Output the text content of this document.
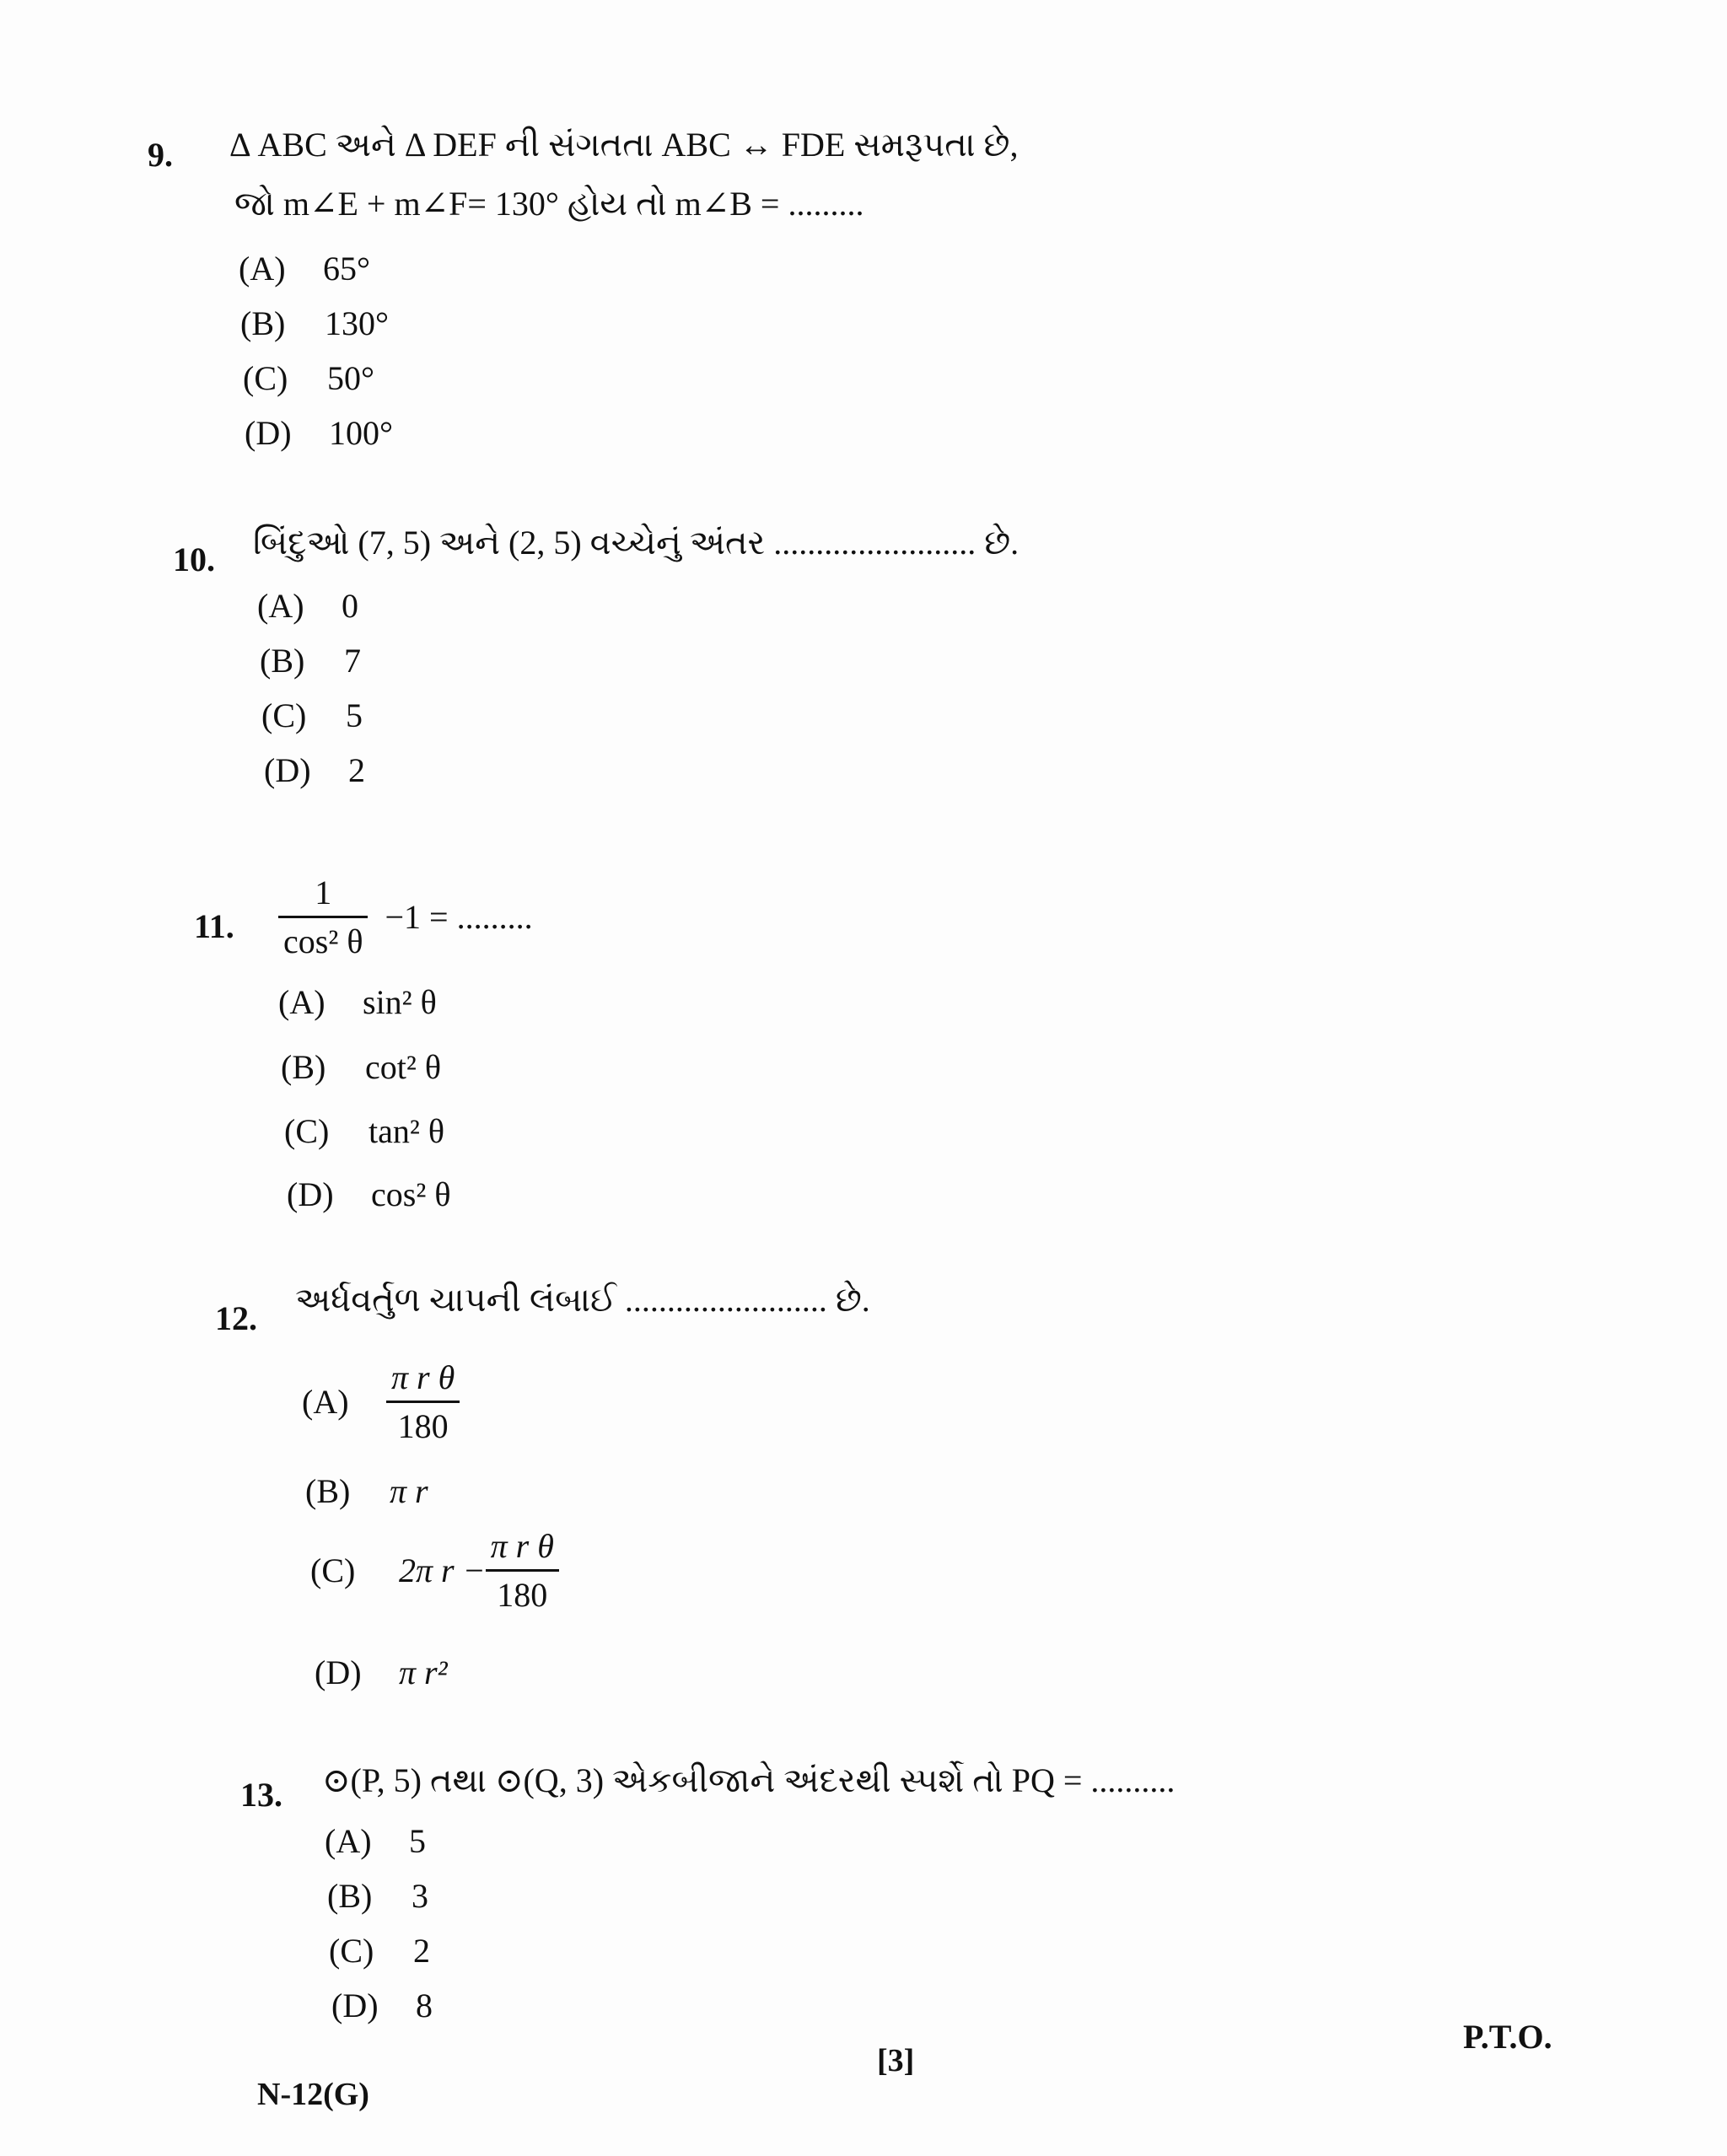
9. Δ ABC અને Δ DEF ની સંગતતા ABC ↔ FDE સમરૂપતા છે,
જો m∠E + m∠F= 130° હોય તો m∠B = .........
(A) 65°
(B) 130°
(C) 50°
(D) 100°
10. બિંદુઓ (7, 5) અને (2, 5) વચ્ચેનું અંતર ........................ છે.
(A) 0
(B) 7
(C) 5
(D) 2
11. $\frac{1}{\text{cos² θ}} -1$ = .........
(A) sin² θ
(B) cot² θ
(C) tan² θ
(D) cos² θ
12. અર્ધવર્તુળ ચાપની લંબાઈ ........................ છે.
$(A) \frac{\text{π r θ}}{180}$
(B) π r
(C) 2π $r - \frac{\text{π r θ}}{180}$
(D) π r²
13. ⊙(P, 5) તથા ⊙(Q, 3) એકબીજાને અંદરથી સ્પર્શે તો PQ = ..........
(A) 5
(B) 3
(C) 2
(D) 8
N-12(G)
[3]
P.T.O.
